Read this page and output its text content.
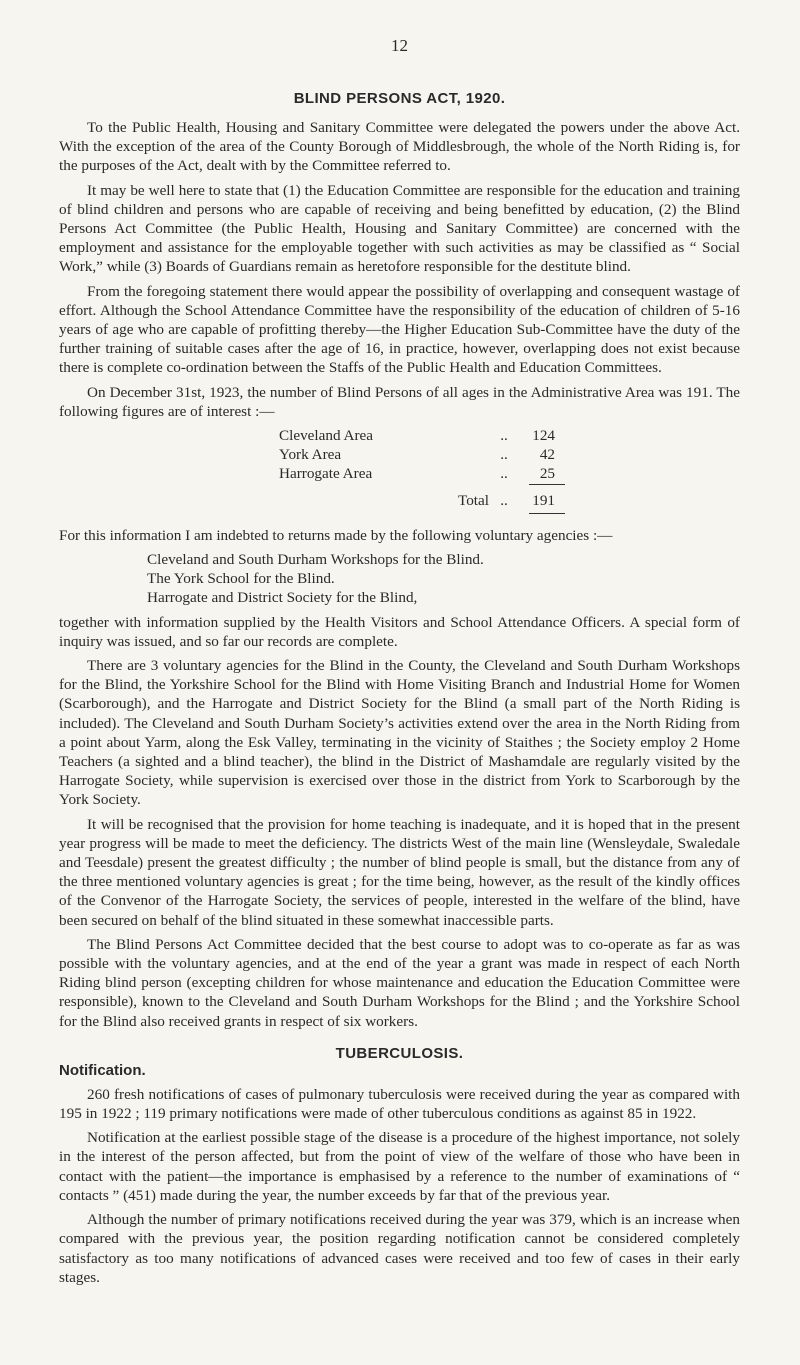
12
BLIND PERSONS ACT, 1920.

To the Public Health, Housing and Sanitary Committee were delegated the powers under the above Act. With the exception of the area of the County Borough of Middlesbrough, the whole of the North Riding is, for the purposes of the Act, dealt with by the Committee referred to.

It may be well here to state that (1) the Education Committee are responsible for the education and training of blind children and persons who are capable of receiving and being benefitted by education, (2) the Blind Persons Act Committee (the Public Health, Housing and Sanitary Committee) are concerned with the employment and assistance for the employable together with such activities as may be classified as “ Social Work,” while (3) Boards of Guardians remain as heretofore responsible for the destitute blind.

From the foregoing statement there would appear the possibility of overlapping and consequent wastage of effort. Although the School Attendance Committee have the responsibility of the education of children of 5-16 years of age who are capable of profitting thereby—the Higher Education Sub-Committee have the duty of the further training of suitable cases after the age of 16, in practice, however, overlapping does not exist because there is complete co-ordination between the Staffs of the Public Health and Education Committees.

On December 31st, 1923, the number of Blind Persons of all ages in the Administrative Area was 191. The following figures are of interest :—

Cleveland Area	..	124
York Area	..	42
Harrogate Area	..	25
Total ..	191

For this information I am indebted to returns made by the following voluntary agencies :—

Cleveland and South Durham Workshops for the Blind.
The York School for the Blind.
Harrogate and District Society for the Blind,

together with information supplied by the Health Visitors and School Attendance Officers. A special form of inquiry was issued, and so far our records are complete.

There are 3 voluntary agencies for the Blind in the County, the Cleveland and South Durham Workshops for the Blind, the Yorkshire School for the Blind with Home Visiting Branch and Industrial Home for Women (Scarborough), and the Harrogate and District Society for the Blind (a small part of the North Riding is included). The Cleveland and South Durham Society’s activities extend over the area in the North Riding from a point about Yarm, along the Esk Valley, terminating in the vicinity of Staithes ; the Society employ 2 Home Teachers (a sighted and a blind teacher), the blind in the District of Mashamdale are regularly visited by the Harrogate Society, while supervision is exercised over those in the district from York to Scarborough by the York Society.

It will be recognised that the provision for home teaching is inadequate, and it is hoped that in the present year progress will be made to meet the deficiency. The districts West of the main line (Wensleydale, Swaledale and Teesdale) present the greatest difficulty ; the number of blind people is small, but the distance from any of the three mentioned voluntary agencies is great ; for the time being, however, as the result of the kindly offices of the Convenor of the Harrogate Society, the services of people, interested in the welfare of the blind, have been secured on behalf of the blind situated in these somewhat inaccessible parts.

The Blind Persons Act Committee decided that the best course to adopt was to co-operate as far as was possible with the voluntary agencies, and at the end of the year a grant was made in respect of each North Riding blind person (excepting children for whose maintenance and education the Education Committee were responsible), known to the Cleveland and South Durham Workshops for the Blind ; and the Yorkshire School for the Blind also received grants in respect of six workers.

TUBERCULOSIS.
Notification.

260 fresh notifications of cases of pulmonary tuberculosis were received during the year as compared with 195 in 1922 ; 119 primary notifications were made of other tuberculous conditions as against 85 in 1922.

Notification at the earliest possible stage of the disease is a procedure of the highest importance, not solely in the interest of the person affected, but from the point of view of the welfare of those who have been in contact with the patient—the importance is emphasised by a reference to the number of examinations of “ contacts ” (451) made during the year, the number exceeds by far that of the previous year.

Although the number of primary notifications received during the year was 379, which is an increase when compared with the previous year, the position regarding notification cannot be considered completely satisfactory as too many notifications of advanced cases were received and too few of cases in their early stages.
